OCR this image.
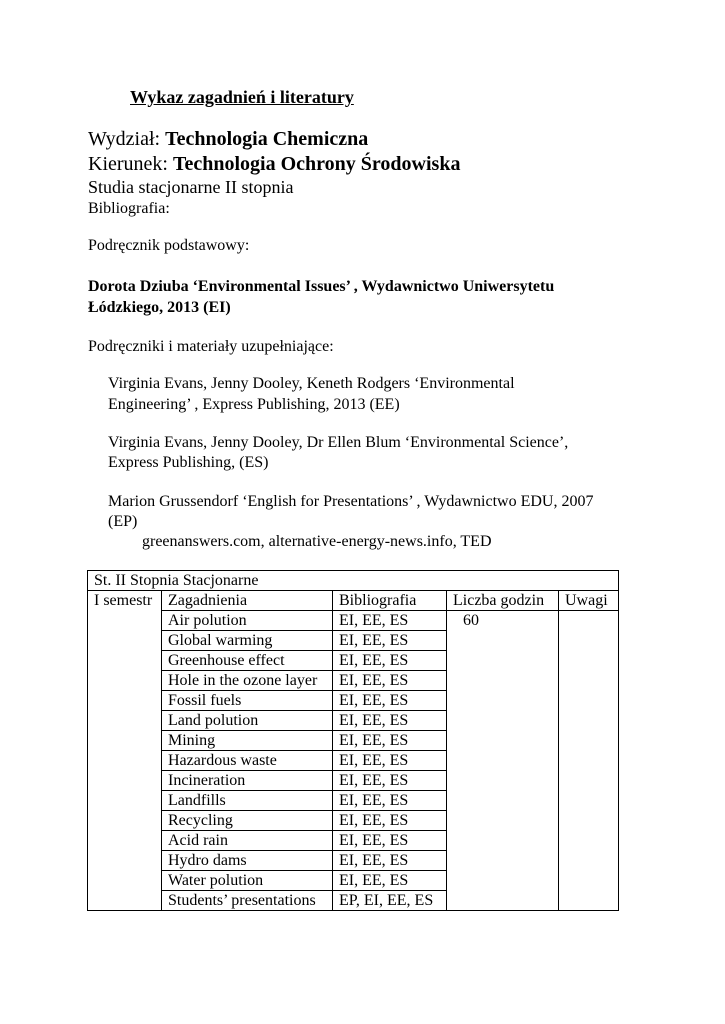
Wykaz zagadnień i literatury

Wydział: Technologia Chemiczna

Kierunek: Technologia Ochrony Środowiska

Studia stacjonarne II stopnia

Bibliografia:

Podręcznik podstawowy:

Dorota Dziuba ‘Environmental Issues’ , Wydawnictwo Uniwersytetu

Łódzkiego, 2013 (EI)

Podręczniki i materiały uzupełniające:

Virginia Evans, Jenny Dooley, Keneth Rodgers ‘Environmental

Engineering’ , Express Publishing, 2013 (EE)

Virginia Evans, Jenny Dooley, Dr Ellen Blum ‘Environmental Science’,

Express Publishing, (ES)

Marion Grussendorf ‘English for Presentations’ , Wydawnictwo EDU, 2007

(EP)

greenanswers.com, alternative-energy-news.info, TED

St. II Stopnia Stacjonarne				
I semestr	Zagadnienia	Bibliografia	Liczba godzin	Uwagi
	Air polution	EI, EE, ES	60	
	Global warming	EI, EE, ES		
	Greenhouse effect	EI, EE, ES		
	Hole in the ozone layer	EI, EE, ES		
	Fossil fuels	EI, EE, ES		
	Land polution	EI, EE, ES		
	Mining	EI, EE, ES		
	Hazardous waste	EI, EE, ES		
	Incineration	EI, EE, ES		
	Landfills	EI, EE, ES		
	Recycling	EI, EE, ES		
	Acid rain	EI, EE, ES		
	Hydro dams	EI, EE, ES		
	Water polution	EI, EE, ES		
	Students’ presentations	EP, EI, EE, ES		
